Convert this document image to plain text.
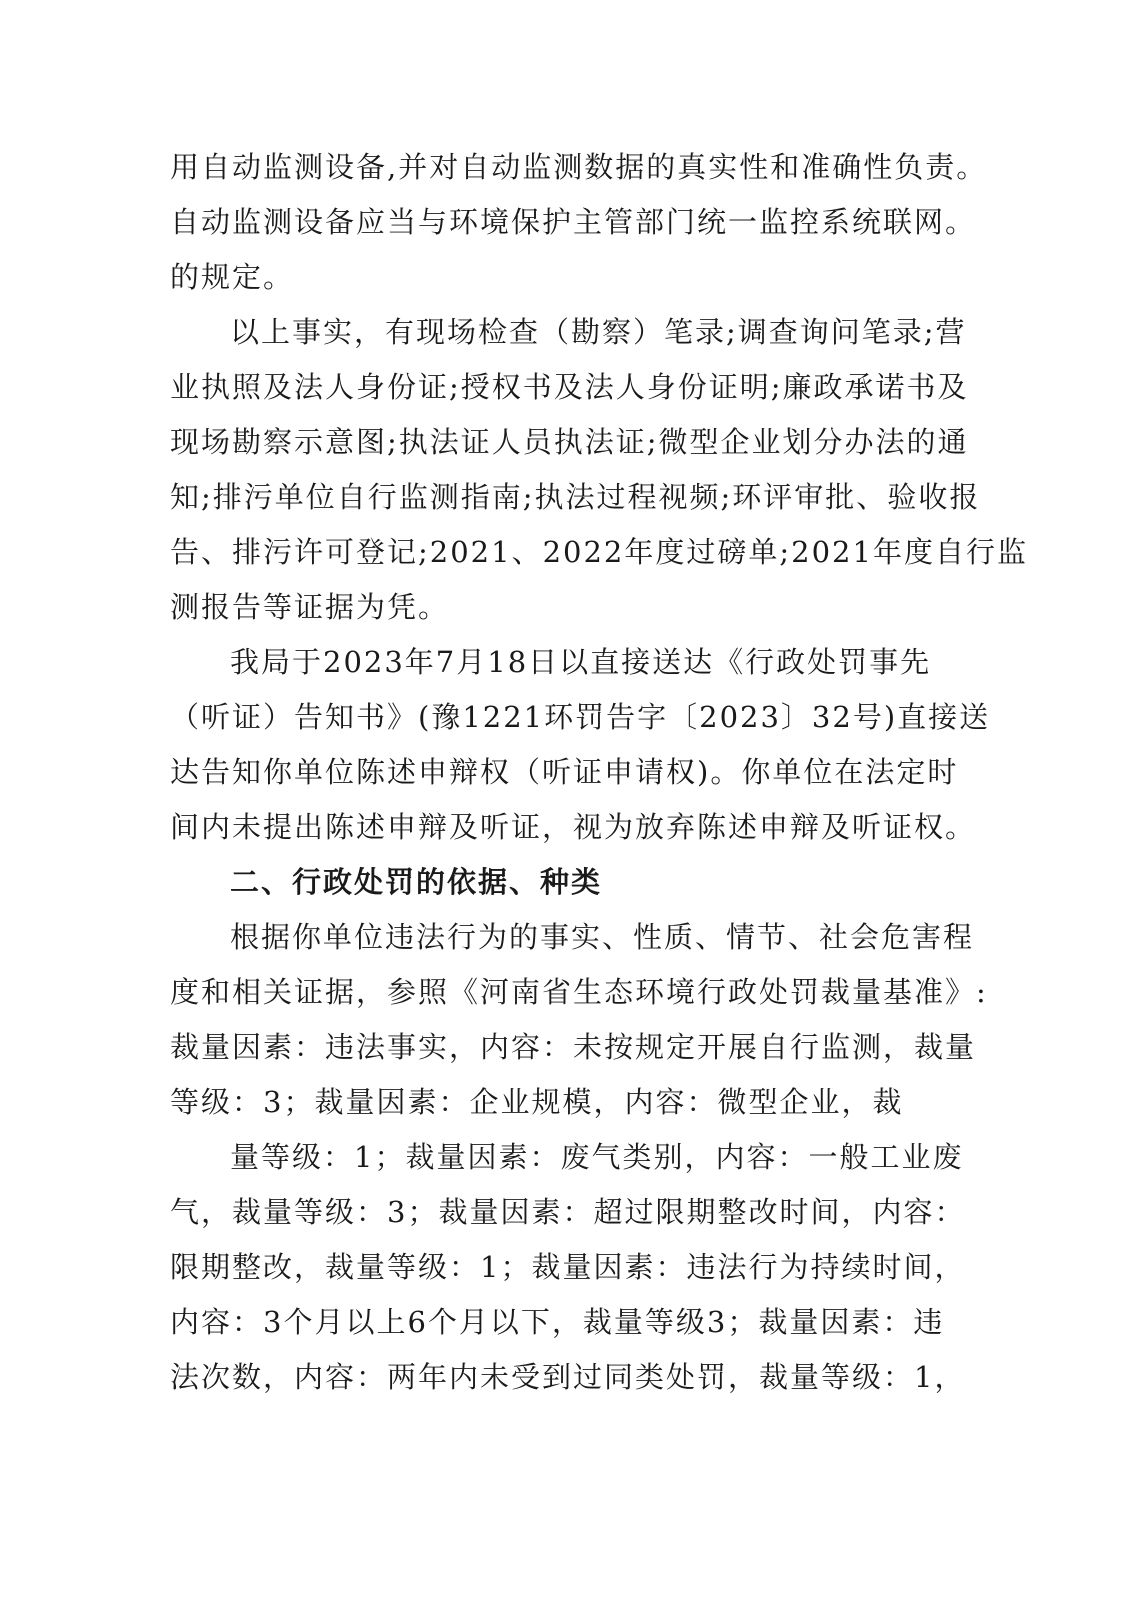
用自动监测设备,并对自动监测数据的真实性和准确性负责。
自动监测设备应当与环境保护主管部门统一监控系统联网。
的规定。
以上事实，有现场检查（勘察）笔录;调查询问笔录;营
业执照及法人身份证;授权书及法人身份证明;廉政承诺书及
现场勘察示意图;执法证人员执法证;微型企业划分办法的通
知;排污单位自行监测指南;执法过程视频;环评审批、验收报
告、排污许可登记;2021、2022年度过磅单;2021年度自行监
测报告等证据为凭。
我局于2023年7月18日以直接送达《行政处罚事先
（听证）告知书》(豫1221环罚告字〔2023〕32号)直接送
达告知你单位陈述申辩权（听证申请权)。你单位在法定时
间内未提出陈述申辩及听证，视为放弃陈述申辩及听证权。
二、行政处罚的依据、种类
根据你单位违法行为的事实、性质、情节、社会危害程
度和相关证据，参照《河南省生态环境行政处罚裁量基准》:
裁量因素：违法事实，内容：未按规定开展自行监测，裁量
等级：3；裁量因素：企业规模，内容：微型企业，裁
量等级：1；裁量因素：废气类别，内容：一般工业废
气，裁量等级：3；裁量因素：超过限期整改时间，内容：
限期整改，裁量等级：1；裁量因素：违法行为持续时间，
内容：3个月以上6个月以下，裁量等级3；裁量因素：违
法次数，内容：两年内未受到过同类处罚，裁量等级：1，
